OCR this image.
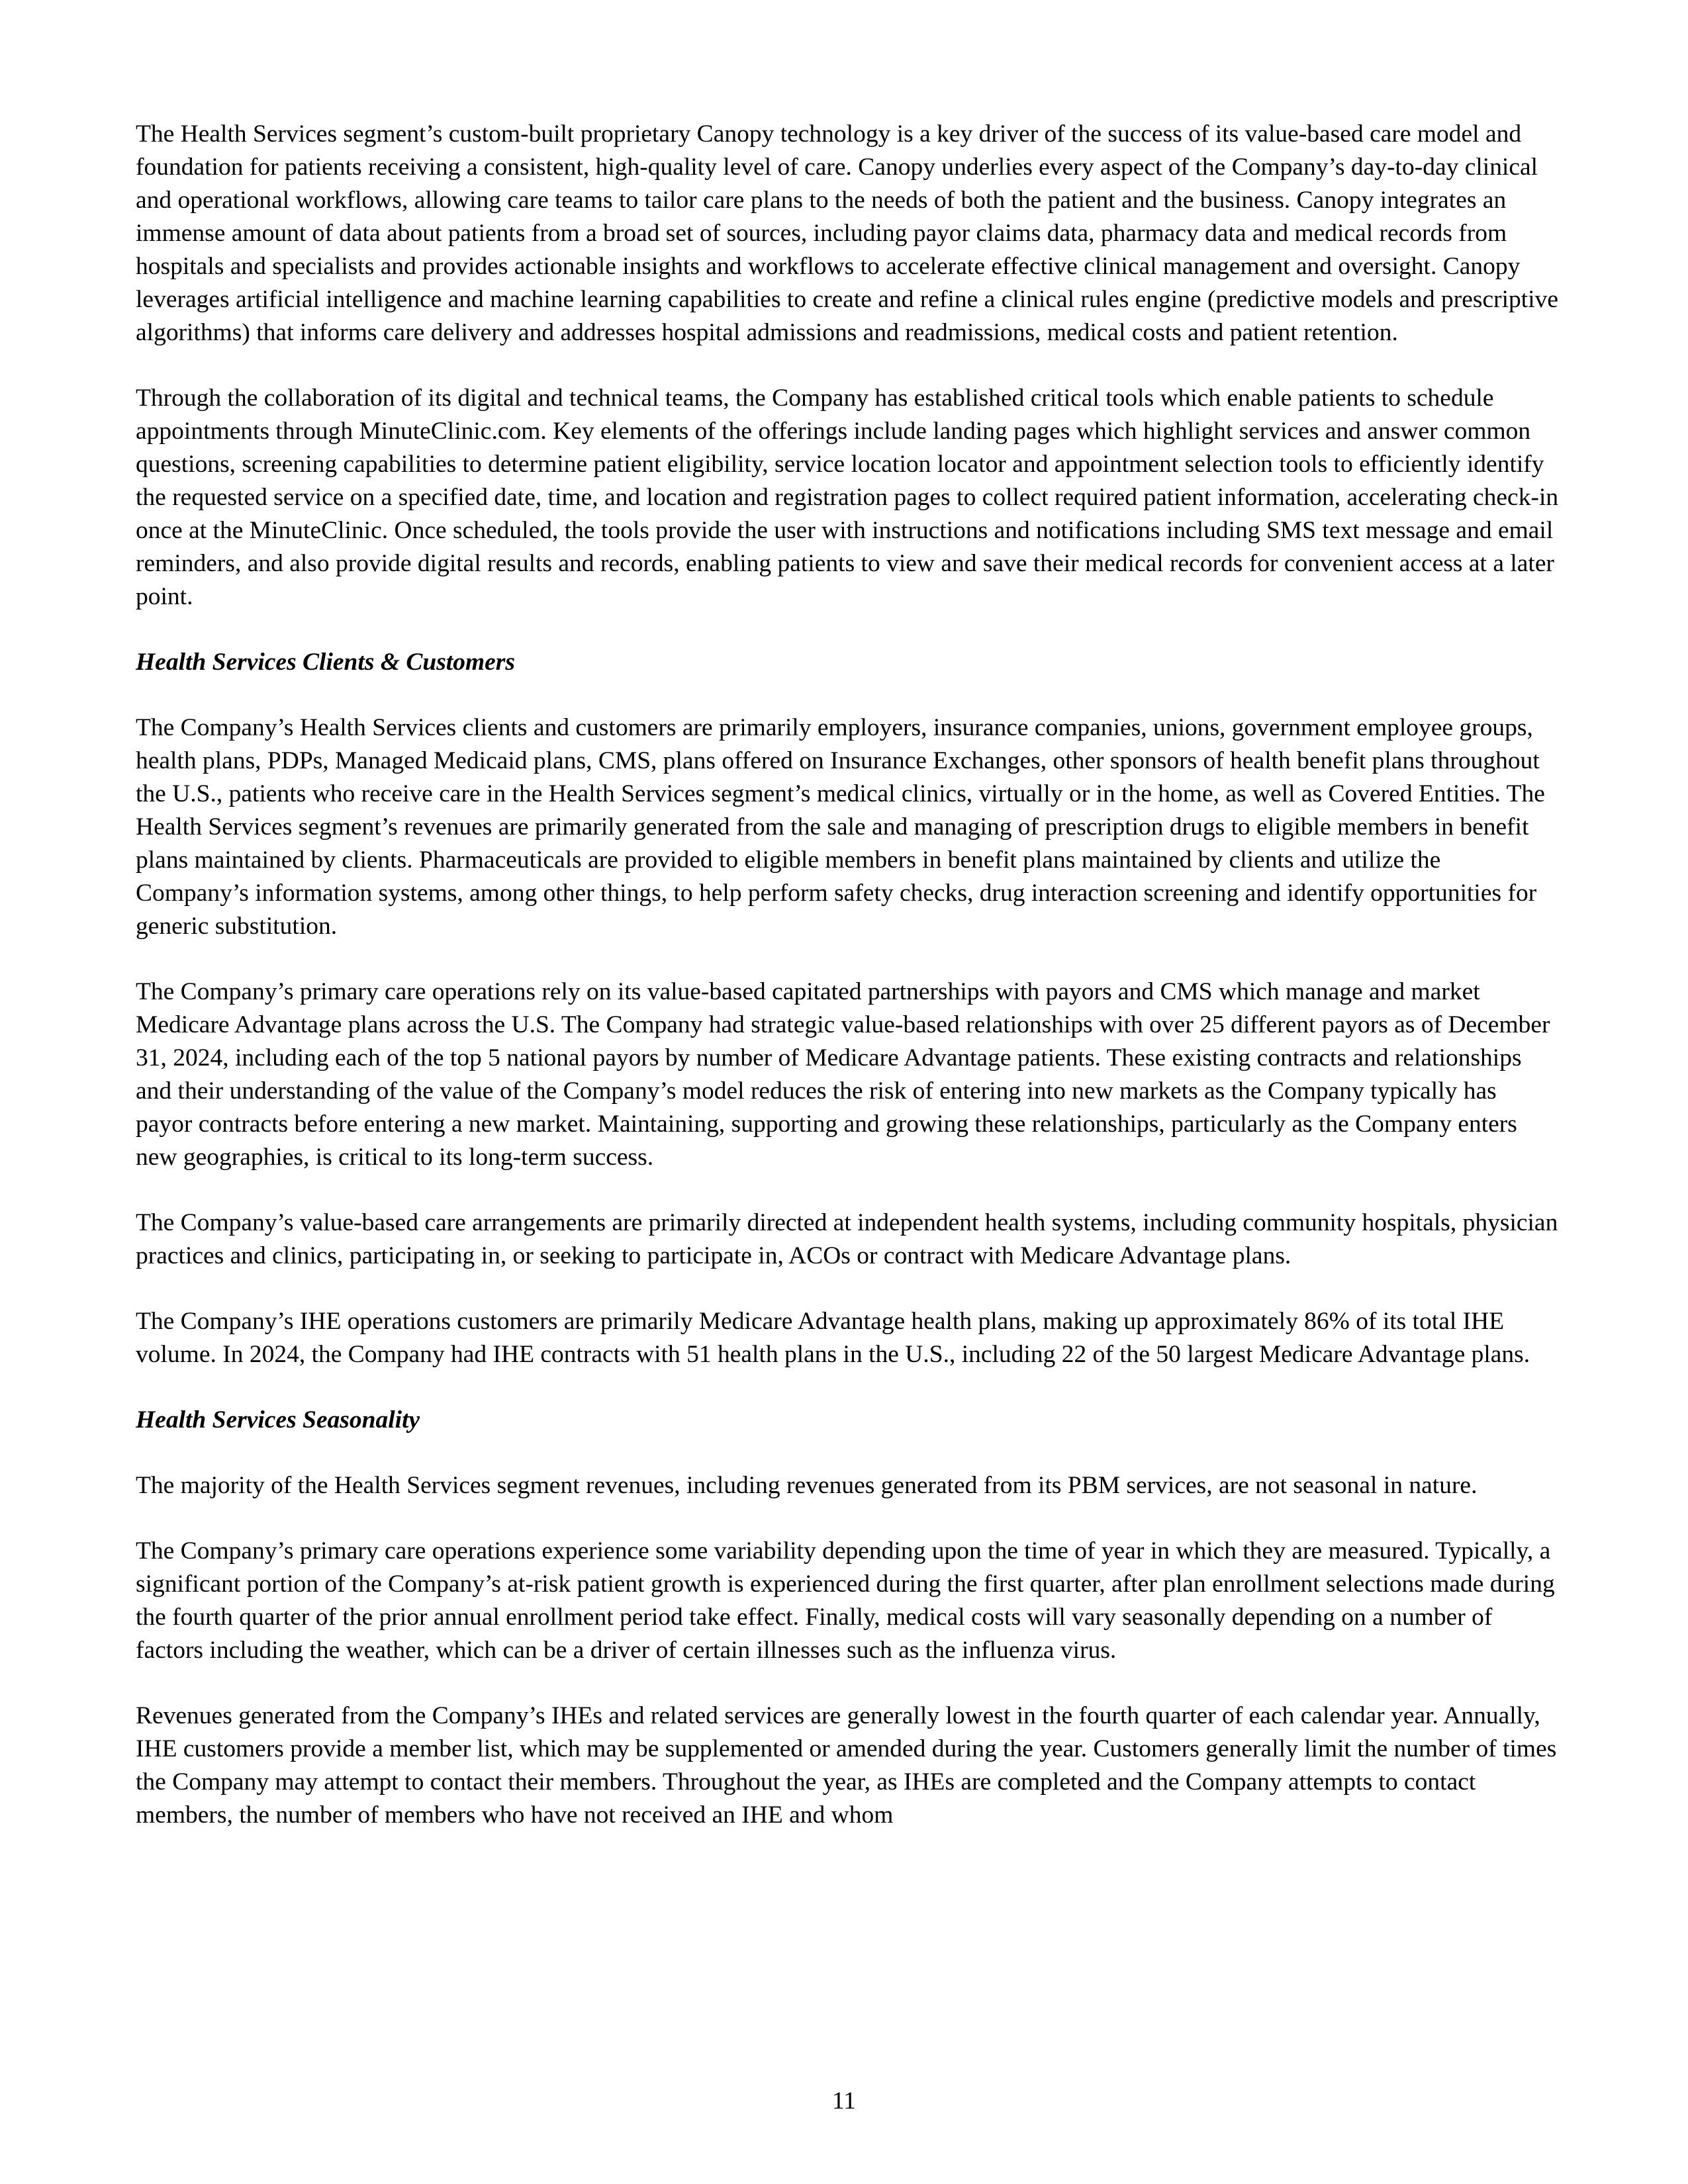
The Health Services segment’s custom-built proprietary Canopy technology is a key driver of the success of its value-based care model and foundation for patients receiving a consistent, high-quality level of care. Canopy underlies every aspect of the Company’s day-to-day clinical and operational workflows, allowing care teams to tailor care plans to the needs of both the patient and the business. Canopy integrates an immense amount of data about patients from a broad set of sources, including payor claims data, pharmacy data and medical records from hospitals and specialists and provides actionable insights and workflows to accelerate effective clinical management and oversight. Canopy leverages artificial intelligence and machine learning capabilities to create and refine a clinical rules engine (predictive models and prescriptive algorithms) that informs care delivery and addresses hospital admissions and readmissions, medical costs and patient retention.

Through the collaboration of its digital and technical teams, the Company has established critical tools which enable patients to schedule appointments through MinuteClinic.com. Key elements of the offerings include landing pages which highlight services and answer common questions, screening capabilities to determine patient eligibility, service location locator and appointment selection tools to efficiently identify the requested service on a specified date, time, and location and registration pages to collect required patient information, accelerating check-in once at the MinuteClinic. Once scheduled, the tools provide the user with instructions and notifications including SMS text message and email reminders, and also provide digital results and records, enabling patients to view and save their medical records for convenient access at a later point.

Health Services Clients & Customers

The Company’s Health Services clients and customers are primarily employers, insurance companies, unions, government employee groups, health plans, PDPs, Managed Medicaid plans, CMS, plans offered on Insurance Exchanges, other sponsors of health benefit plans throughout the U.S., patients who receive care in the Health Services segment’s medical clinics, virtually or in the home, as well as Covered Entities. The Health Services segment’s revenues are primarily generated from the sale and managing of prescription drugs to eligible members in benefit plans maintained by clients. Pharmaceuticals are provided to eligible members in benefit plans maintained by clients and utilize the Company’s information systems, among other things, to help perform safety checks, drug interaction screening and identify opportunities for generic substitution.

The Company’s primary care operations rely on its value-based capitated partnerships with payors and CMS which manage and market Medicare Advantage plans across the U.S. The Company had strategic value-based relationships with over 25 different payors as of December 31, 2024, including each of the top 5 national payors by number of Medicare Advantage patients. These existing contracts and relationships and their understanding of the value of the Company’s model reduces the risk of entering into new markets as the Company typically has payor contracts before entering a new market. Maintaining, supporting and growing these relationships, particularly as the Company enters new geographies, is critical to its long-term success.

The Company’s value-based care arrangements are primarily directed at independent health systems, including community hospitals, physician practices and clinics, participating in, or seeking to participate in, ACOs or contract with Medicare Advantage plans.

The Company’s IHE operations customers are primarily Medicare Advantage health plans, making up approximately 86% of its total IHE volume. In 2024, the Company had IHE contracts with 51 health plans in the U.S., including 22 of the 50 largest Medicare Advantage plans.

Health Services Seasonality

The majority of the Health Services segment revenues, including revenues generated from its PBM services, are not seasonal in nature.

The Company’s primary care operations experience some variability depending upon the time of year in which they are measured. Typically, a significant portion of the Company’s at-risk patient growth is experienced during the first quarter, after plan enrollment selections made during the fourth quarter of the prior annual enrollment period take effect. Finally, medical costs will vary seasonally depending on a number of factors including the weather, which can be a driver of certain illnesses such as the influenza virus.

Revenues generated from the Company’s IHEs and related services are generally lowest in the fourth quarter of each calendar year. Annually, IHE customers provide a member list, which may be supplemented or amended during the year. Customers generally limit the number of times the Company may attempt to contact their members. Throughout the year, as IHEs are completed and the Company attempts to contact members, the number of members who have not received an IHE and whom

11
